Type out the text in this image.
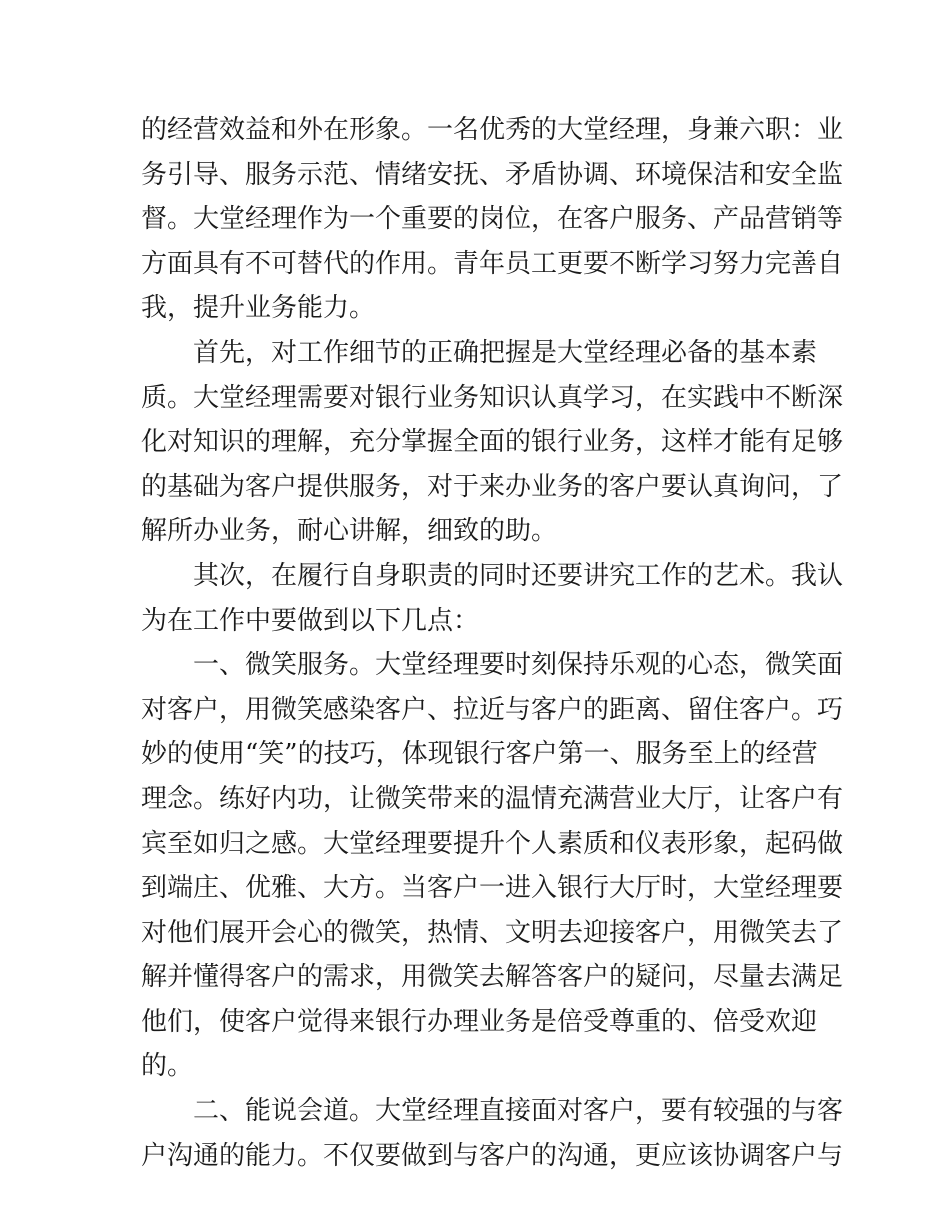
的经营效益和外在形象。一名优秀的大堂经理，身兼六职：业
务引导、服务示范、情绪安抚、矛盾协调、环境保洁和安全监
督。大堂经理作为一个重要的岗位，在客户服务、产品营销等
方面具有不可替代的作用。青年员工更要不断学习努力完善自
我，提升业务能力。
首先，对工作细节的正确把握是大堂经理必备的基本素
质。大堂经理需要对银行业务知识认真学习，在实践中不断深
化对知识的理解，充分掌握全面的银行业务，这样才能有足够
的基础为客户提供服务，对于来办业务的客户要认真询问，了
解所办业务，耐心讲解，细致的助。
其次，在履行自身职责的同时还要讲究工作的艺术。我认
为在工作中要做到以下几点：
一、微笑服务。大堂经理要时刻保持乐观的心态，微笑面
对客户，用微笑感染客户、拉近与客户的距离、留住客户。巧
妙的使用“笑”的技巧，体现银行客户第一、服务至上的经营
理念。练好内功，让微笑带来的温情充满营业大厅，让客户有
宾至如归之感。大堂经理要提升个人素质和仪表形象，起码做
到端庄、优雅、大方。当客户一进入银行大厅时，大堂经理要
对他们展开会心的微笑，热情、文明去迎接客户，用微笑去了
解并懂得客户的需求，用微笑去解答客户的疑问，尽量去满足
他们，使客户觉得来银行办理业务是倍受尊重的、倍受欢迎
的。
二、能说会道。大堂经理直接面对客户，要有较强的与客
户沟通的能力。不仅要做到与客户的沟通，更应该协调客户与
